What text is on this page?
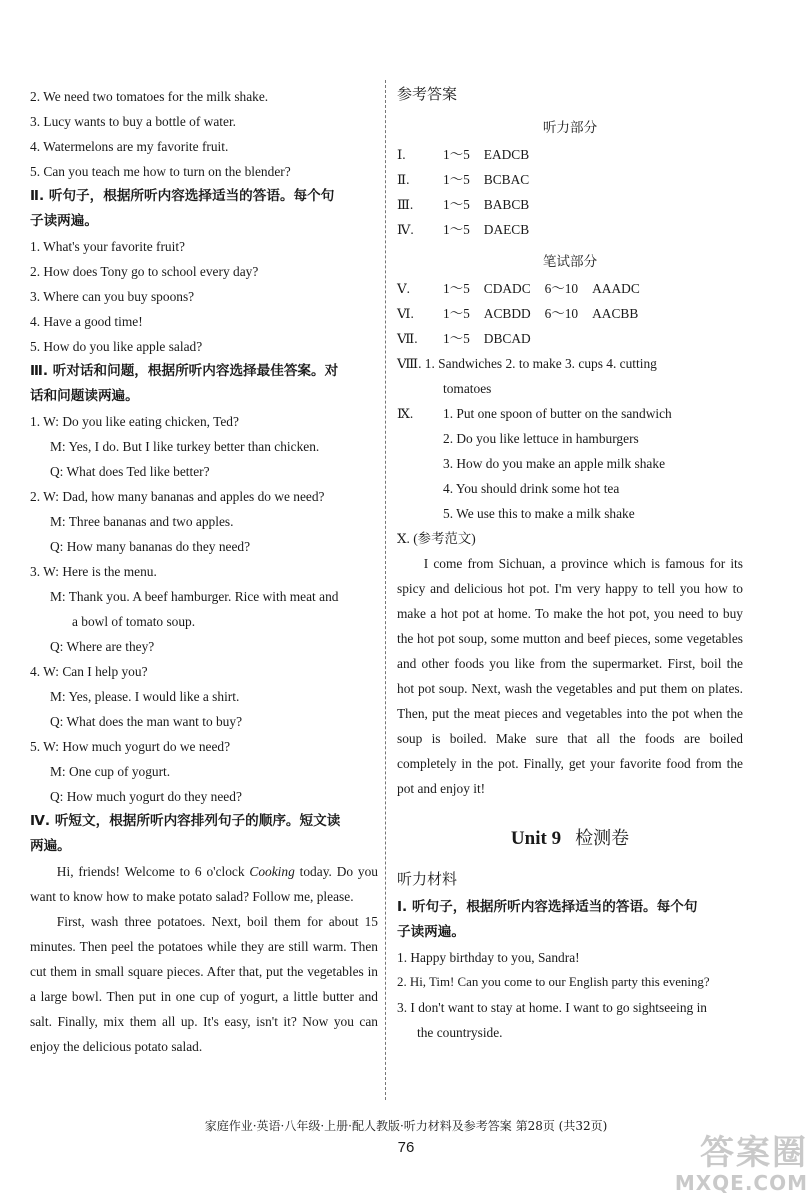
2. We need two tomatoes for the milk shake.
3. Lucy wants to buy a bottle of water.
4. Watermelons are my favorite fruit.
5. Can you teach me how to turn on the blender?
Ⅱ. 听句子，根据所听内容选择适当的答语。每个句
子读两遍。
1. What's your favorite fruit?
2. How does Tony go to school every day?
3. Where can you buy spoons?
4. Have a good time!
5. How do you like apple salad?
Ⅲ. 听对话和问题，根据所听内容选择最佳答案。对
话和问题读两遍。
1. W: Do you like eating chicken, Ted?
M: Yes, I do. But I like turkey better than chicken.
Q: What does Ted like better?
2. W: Dad, how many bananas and apples do we need?
M: Three bananas and two apples.
Q: How many bananas do they need?
3. W: Here is the menu.
M: Thank you. A beef hamburger. Rice with meat and
a bowl of tomato soup.
Q: Where are they?
4. W: Can I help you?
M: Yes, please. I would like a shirt.
Q: What does the man want to buy?
5. W: How much yogurt do we need?
M: One cup of yogurt.
Q: How much yogurt do they need?
Ⅳ. 听短文，根据所听内容排列句子的顺序。短文读
两遍。
Hi, friends! Welcome to 6 o'clock Cooking today. Do you want to know how to make potato salad? Follow me, please.
First, wash three potatoes. Next, boil them for about 15 minutes. Then peel the potatoes while they are still warm. Then cut them in small square pieces. After that, put the vegetables in a large bowl. Then put in one cup of yogurt, a little butter and salt. Finally, mix them all up. It's easy, isn't it? Now you can enjoy the delicious potato salad.
参考答案
听力部分
Ⅰ.	1～5 EADCB
Ⅱ.	1～5 BCBAC
Ⅲ. 1～5 BABCB
Ⅳ. 1～5 DAECB
笔试部分
Ⅴ. 1～5 CDADC 6～10 AAADC
Ⅵ. 1～5 ACBDD 6～10 AACBB
Ⅶ. 1～5 DBCAD
Ⅷ. 1. Sandwiches 2. to make 3. cups 4. cutting
tomatoes
Ⅸ. 1. Put one spoon of butter on the sandwich
2. Do you like lettuce in hamburgers
3. How do you make an apple milk shake
4. You should drink some hot tea
5. We use this to make a milk shake
Ⅹ. (参考范文)
I come from Sichuan, a province which is famous for its spicy and delicious hot pot. I'm very happy to tell you how to make a hot pot at home. To make the hot pot, you need to buy the hot pot soup, some mutton and beef pieces, some vegetables and other foods you like from the supermarket. First, boil the hot pot soup. Next, wash the vegetables and put them on plates. Then, put the meat pieces and vegetables into the pot when the soup is boiled. Make sure that all the foods are boiled completely in the pot. Finally, get your favorite food from the pot and enjoy it!
Unit 9 检测卷
听力材料
Ⅰ. 听句子，根据所听内容选择适当的答语。每个句
子读两遍。
1. Happy birthday to you, Sandra!
2. Hi, Tim! Can you come to our English party this evening?
3. I don't want to stay at home. I want to go sightseeing in
the countryside.
家庭作业·英语·八年级·上册·配人教版·听力材料及参考答案 第28页 (共32页)
76	答案圈
MXQE.COM
